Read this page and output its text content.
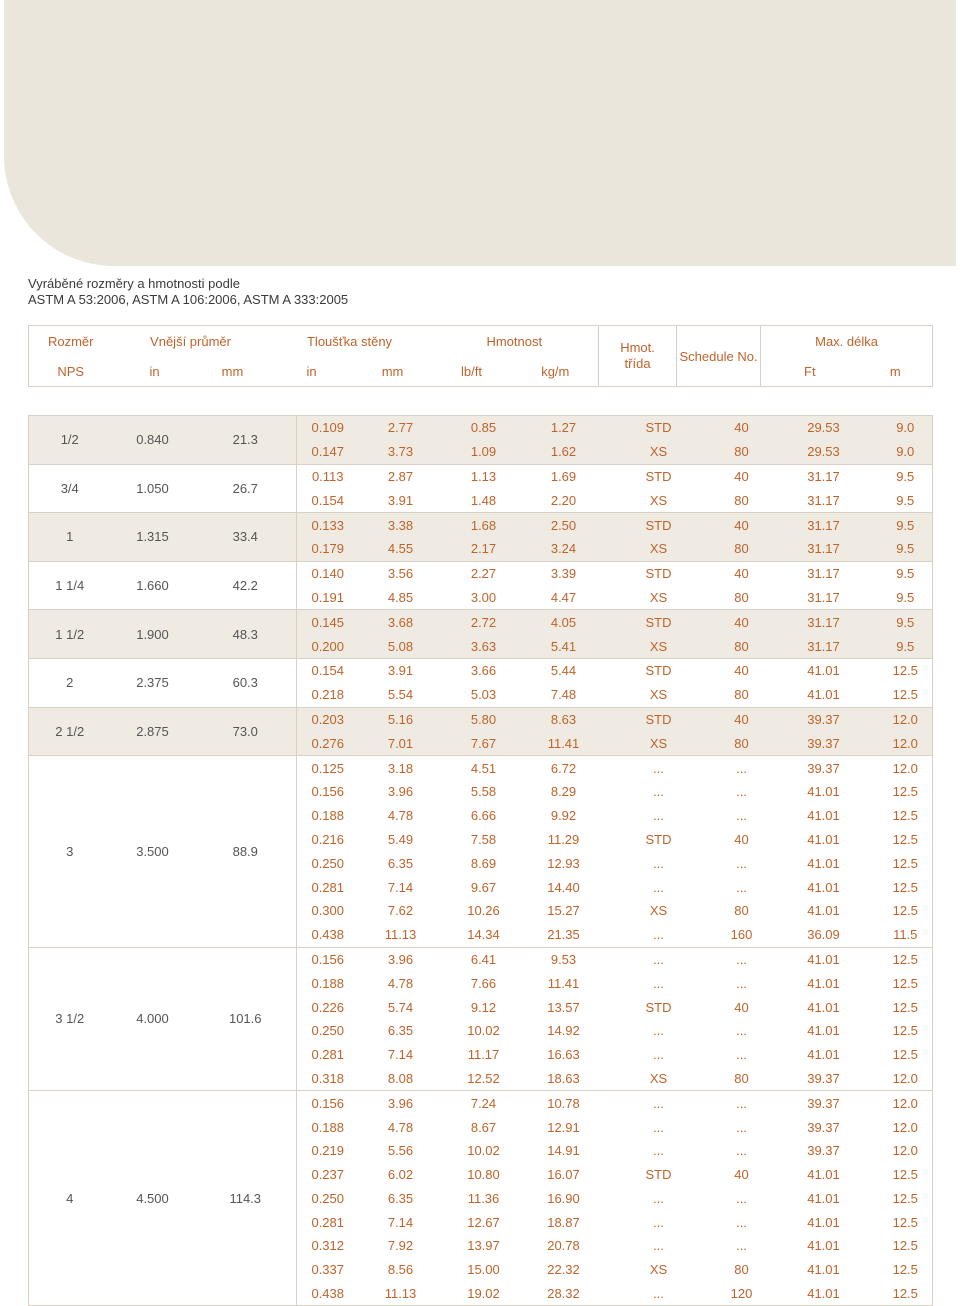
Vyráběné rozměry a hmotnosti podle
ASTM A 53:2006, ASTM A 106:2006, ASTM A 333:2005
Rozměr	Vnější průměr		Tloušťka stěny		Hmotnost		Hmot.
třída	Schedule No.	Max. délka	
NPS	in	mm	in	mm	lb/ft	kg/m			Ft	m
1/2	0.840	21.3	0.109	2.77	0.85	1.27	STD	40	29.53	9.0
			0.147	3.73	1.09	1.62	XS	80	29.53	9.0
3/4	1.050	26.7	0.113	2.87	1.13	1.69	STD	40	31.17	9.5
			0.154	3.91	1.48	2.20	XS	80	31.17	9.5
1	1.315	33.4	0.133	3.38	1.68	2.50	STD	40	31.17	9.5
			0.179	4.55	2.17	3.24	XS	80	31.17	9.5
1 1/4	1.660	42.2	0.140	3.56	2.27	3.39	STD	40	31.17	9.5
			0.191	4.85	3.00	4.47	XS	80	31.17	9.5
1 1/2	1.900	48.3	0.145	3.68	2.72	4.05	STD	40	31.17	9.5
			0.200	5.08	3.63	5.41	XS	80	31.17	9.5
2	2.375	60.3	0.154	3.91	3.66	5.44	STD	40	41.01	12.5
			0.218	5.54	5.03	7.48	XS	80	41.01	12.5
2 1/2	2.875	73.0	0.203	5.16	5.80	8.63	STD	40	39.37	12.0
			0.276	7.01	7.67	11.41	XS	80	39.37	12.0
3	3.500	88.9	0.125	3.18	4.51	6.72	...	...	39.37	12.0
			0.156	3.96	5.58	8.29	...	...	41.01	12.5
			0.188	4.78	6.66	9.92	...	...	41.01	12.5
			0.216	5.49	7.58	11.29	STD	40	41.01	12.5
			0.250	6.35	8.69	12.93	...	...	41.01	12.5
			0.281	7.14	9.67	14.40	...	...	41.01	12.5
			0.300	7.62	10.26	15.27	XS	80	41.01	12.5
			0.438	11.13	14.34	21.35	...	160	36.09	11.5
3 1/2	4.000	101.6	0.156	3.96	6.41	9.53	...	...	41.01	12.5
			0.188	4.78	7.66	11.41	...	...	41.01	12.5
			0.226	5.74	9.12	13.57	STD	40	41.01	12.5
			0.250	6.35	10.02	14.92	...	...	41.01	12.5
			0.281	7.14	11.17	16.63	...	...	41.01	12.5
			0.318	8.08	12.52	18.63	XS	80	39.37	12.0
4	4.500	114.3	0.156	3.96	7.24	10.78	...	...	39.37	12.0
			0.188	4.78	8.67	12.91	...	...	39.37	12.0
			0.219	5.56	10.02	14.91	...	...	39.37	12.0
			0.237	6.02	10.80	16.07	STD	40	41.01	12.5
			0.250	6.35	11.36	16.90	...	...	41.01	12.5
			0.281	7.14	12.67	18.87	...	...	41.01	12.5
			0.312	7.92	13.97	20.78	...	...	41.01	12.5
			0.337	8.56	15.00	22.32	XS	80	41.01	12.5
			0.438	11.13	19.02	28.32	...	120	41.01	12.5
